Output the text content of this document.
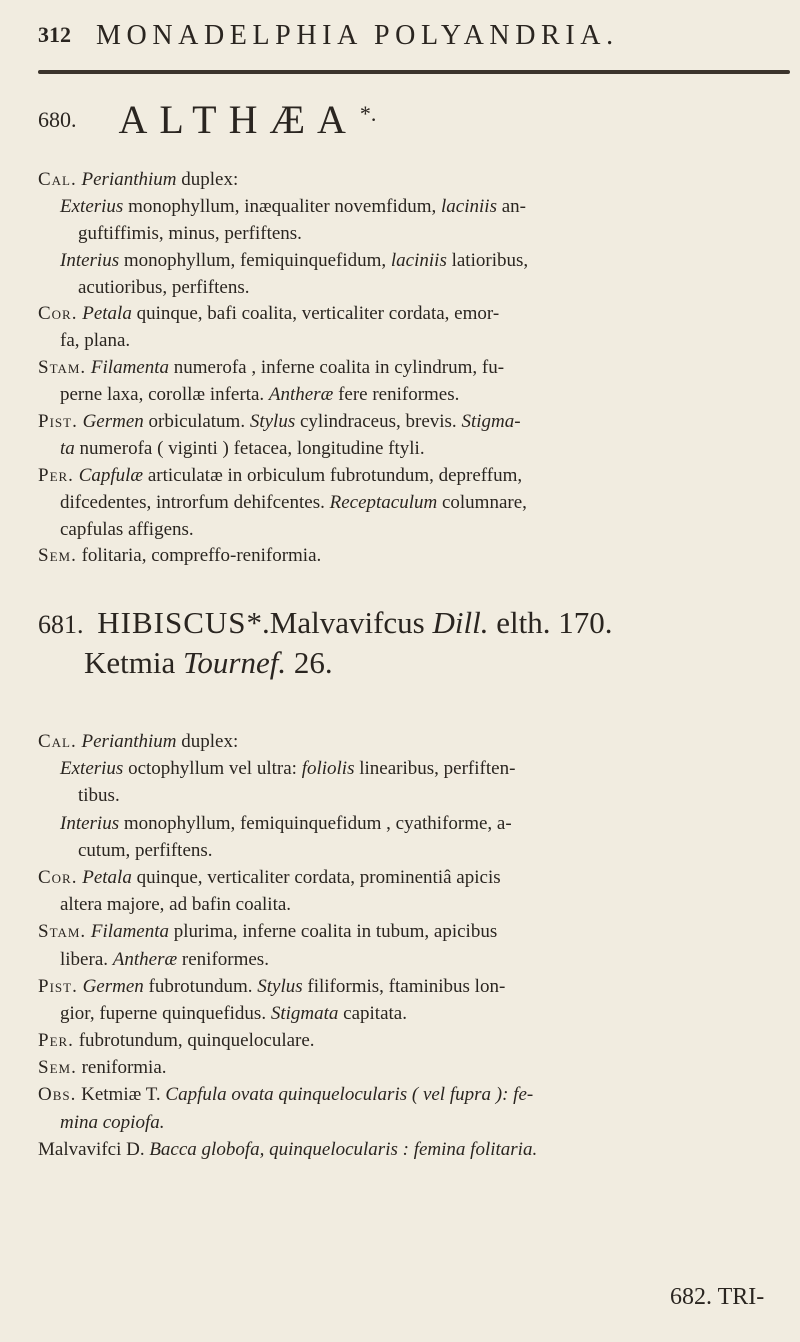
312 MONADELPHIA POLYANDRIA.
680. ALTHÆA*.
Cal. Perianthium duplex:
Exterius monophyllum, inæqualiter novemfidum, laciniis an-
guftiffimis, minus, perfiftens.
Interius monophyllum, femiquinquefidum, laciniis latioribus,
acutioribus, perfiftens.
Cor. Petala quinque, bafi coalita, verticaliter cordata, emor-
fa, plana.
Stam. Filamenta numerofa , inferne coalita in cylindrum, fu-
perne laxa, corollæ inferta. Antheræ fere reniformes.
Pist. Germen orbiculatum. Stylus cylindraceus, brevis. Stigma-
ta numerofa ( viginti ) fetacea, longitudine ftyli.
Per. Capfulæ articulatæ in orbiculum fubrotundum, depreffum,
difcedentes, introrfum dehifcentes. Receptaculum columnare,
capfulas affigens.
Sem. folitaria, compreffo-reniformia.
681. HIBISCUS*.Malvavifcus Dill. elth. 170.
Ketmia Tournef. 26.
Cal. Perianthium duplex:
Exterius octophyllum vel ultra: foliolis linearibus, perfiften-
tibus.
Interius monophyllum, femiquinquefidum , cyathiforme, a-
cutum, perfiftens.
Cor. Petala quinque, verticaliter cordata, prominentiâ apicis
altera majore, ad bafin coalita.
Stam. Filamenta plurima, inferne coalita in tubum, apicibus
libera. Antheræ reniformes.
Pist. Germen fubrotundum. Stylus filiformis, ftaminibus lon-
gior, fuperne quinquefidus. Stigmata capitata.
Per. fubrotundum, quinqueloculare.
Sem. reniformia.
Obs. Ketmiæ T. Capfula ovata quinquelocularis ( vel fupra ): fe-
mina copiofa.
Malvavifci D. Bacca globofa, quinquelocularis : femina folitaria.
682. TRI-
